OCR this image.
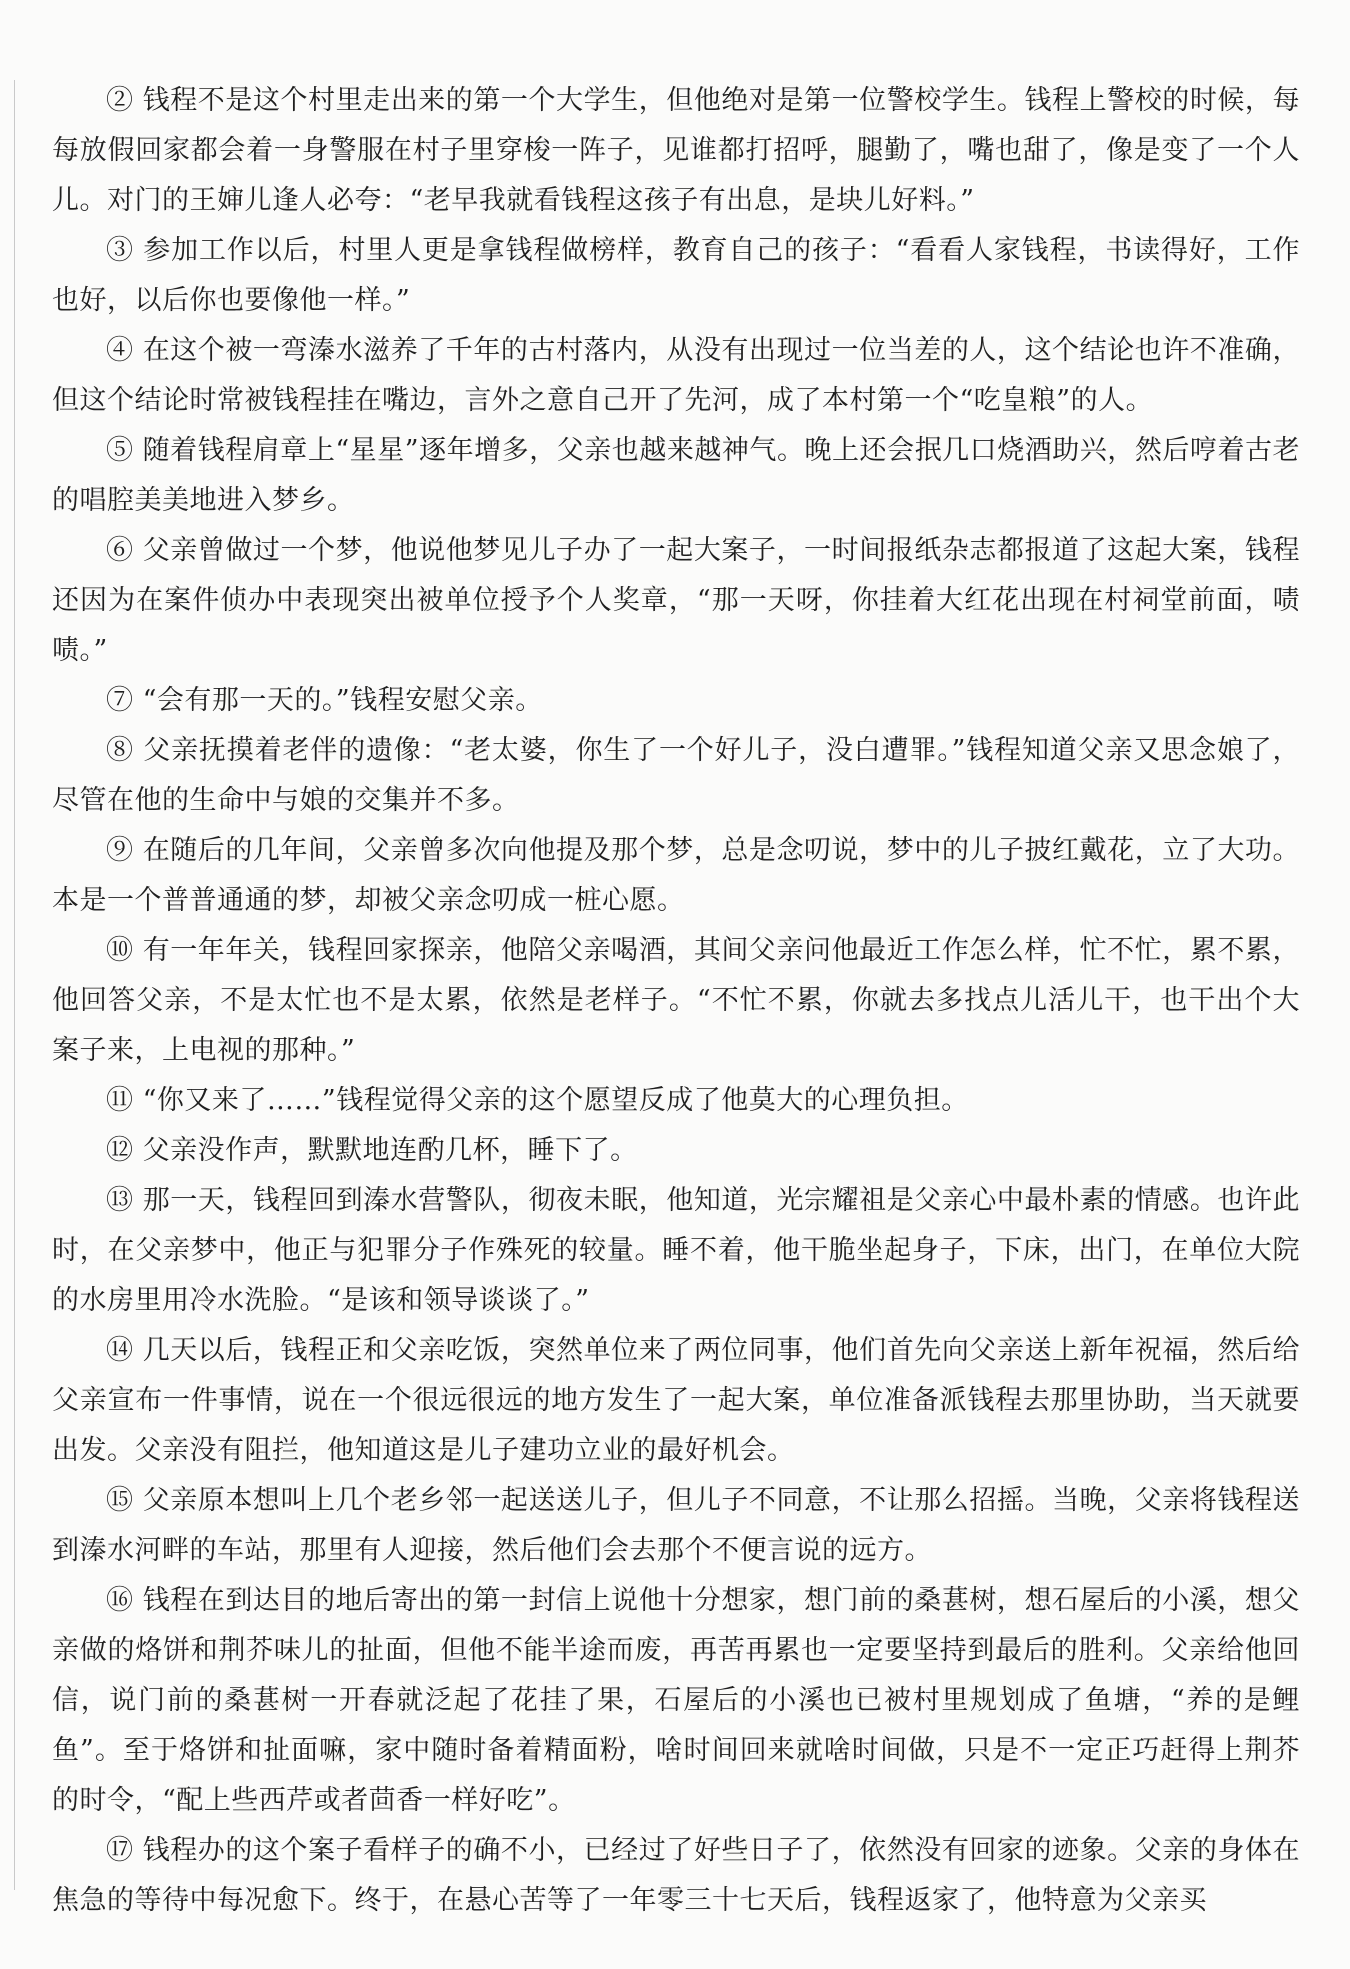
② 钱程不是这个村里走出来的第一个大学生，但他绝对是第一位警校学生。钱程上警校的时候，每每放假回家都会着一身警服在村子里穿梭一阵子，见谁都打招呼，腿勤了，嘴也甜了，像是变了一个人儿。对门的王婶儿逢人必夸：“老早我就看钱程这孩子有出息，是块儿好料。”

③ 参加工作以后，村里人更是拿钱程做榜样，教育自己的孩子：“看看人家钱程，书读得好，工作也好，以后你也要像他一样。”

④ 在这个被一弯溱水滋养了千年的古村落内，从没有出现过一位当差的人，这个结论也许不准确，但这个结论时常被钱程挂在嘴边，言外之意自己开了先河，成了本村第一个“吃皇粮”的人。

⑤ 随着钱程肩章上“星星”逐年增多，父亲也越来越神气。晚上还会抿几口烧酒助兴，然后哼着古老的唱腔美美地进入梦乡。

⑥ 父亲曾做过一个梦，他说他梦见儿子办了一起大案子，一时间报纸杂志都报道了这起大案，钱程还因为在案件侦办中表现突出被单位授予个人奖章，“那一天呀，你挂着大红花出现在村祠堂前面，啧啧。”

⑦ “会有那一天的。”钱程安慰父亲。

⑧ 父亲抚摸着老伴的遗像：“老太婆，你生了一个好儿子，没白遭罪。”钱程知道父亲又思念娘了，尽管在他的生命中与娘的交集并不多。

⑨ 在随后的几年间，父亲曾多次向他提及那个梦，总是念叨说，梦中的儿子披红戴花，立了大功。本是一个普普通通的梦，却被父亲念叨成一桩心愿。

⑩ 有一年年关，钱程回家探亲，他陪父亲喝酒，其间父亲问他最近工作怎么样，忙不忙，累不累，他回答父亲，不是太忙也不是太累，依然是老样子。“不忙不累，你就去多找点儿活儿干，也干出个大案子来，上电视的那种。”

⑪ “你又来了……”钱程觉得父亲的这个愿望反成了他莫大的心理负担。

⑫ 父亲没作声，默默地连酌几杯，睡下了。

⑬ 那一天，钱程回到溱水营警队，彻夜未眠，他知道，光宗耀祖是父亲心中最朴素的情感。也许此时，在父亲梦中，他正与犯罪分子作殊死的较量。睡不着，他干脆坐起身子，下床，出门，在单位大院的水房里用冷水洗脸。“是该和领导谈谈了。”

⑭ 几天以后，钱程正和父亲吃饭，突然单位来了两位同事，他们首先向父亲送上新年祝福，然后给父亲宣布一件事情，说在一个很远很远的地方发生了一起大案，单位准备派钱程去那里协助，当天就要出发。父亲没有阻拦，他知道这是儿子建功立业的最好机会。

⑮ 父亲原本想叫上几个老乡邻一起送送儿子，但儿子不同意，不让那么招摇。当晚，父亲将钱程送到溱水河畔的车站，那里有人迎接，然后他们会去那个不便言说的远方。

⑯ 钱程在到达目的地后寄出的第一封信上说他十分想家，想门前的桑葚树，想石屋后的小溪，想父亲做的烙饼和荆芥味儿的扯面，但他不能半途而废，再苦再累也一定要坚持到最后的胜利。父亲给他回信，说门前的桑葚树一开春就泛起了花挂了果，石屋后的小溪也已被村里规划成了鱼塘，“养的是鲤鱼”。至于烙饼和扯面嘛，家中随时备着精面粉，啥时间回来就啥时间做，只是不一定正巧赶得上荆芥的时令，“配上些西芹或者茴香一样好吃”。

⑰ 钱程办的这个案子看样子的确不小，已经过了好些日子了，依然没有回家的迹象。父亲的身体在焦急的等待中每况愈下。终于，在悬心苦等了一年零三十七天后，钱程返家了，他特意为父亲买
